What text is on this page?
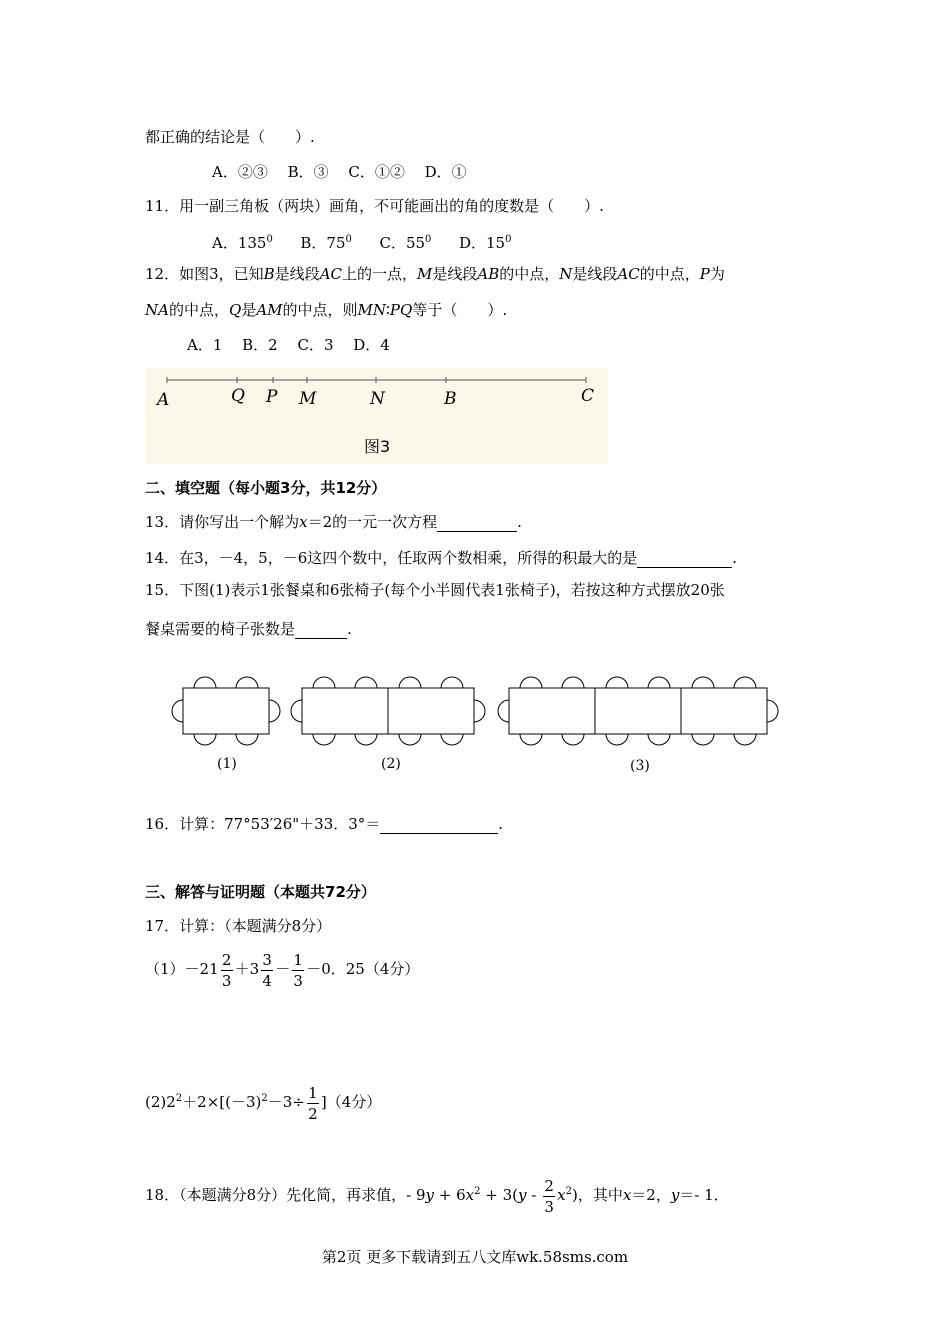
都正确的结论是（　　）.
A．②③　 B．③　 C．①②　 D．①
11．用一副三角板（两块）画角，不可能画出的角的度数是（　　）.
A．$135^0$ B．$75^0$ C．$55^0$ D．$15^0$
12．如图3，已知B是线段AC上的一点，M是线段AB的中点，N是线段AC的中点，P为
NA的中点，Q是AM的中点，则MN∶PQ等于（　　）.
A．1　 B．2　 C．3　 D．4
A	Q P M	N	B	C
图3
二、填空题（每小题3分，共12分）
13．请你写出一个解为x＝2的一元一次方程	.
14．在3，－4，5，－6这四个数中，任取两个数相乘，所得的积最大的是	.
15．下图(1)表示1张餐桌和6张椅子(每个小半圆代表1张椅子)，若按这种方式摆放20张
餐桌需要的椅子张数是	.
(1)	(2)	(3)
16．计算：77°53′26"＋33．3°＝	.
三、解答与证明题（本题共72分）
17．计算：（本题满分8分）
$(1)-21 \frac{2}{3} +3 \frac{3}{4} - \frac{1}{3} -0$．25（4分）
$(2)2^2+2\times[(-3)^2-3\div \frac{1}{2} ](4$分）
18．（本题满分8分）先化简，再求值，- $9y + 6x^2 + 3(y - \frac{2}{3} x^2)$，其中x＝2，y＝- 1．
第2页 更多下载请到五八文库wk.58sms.com
